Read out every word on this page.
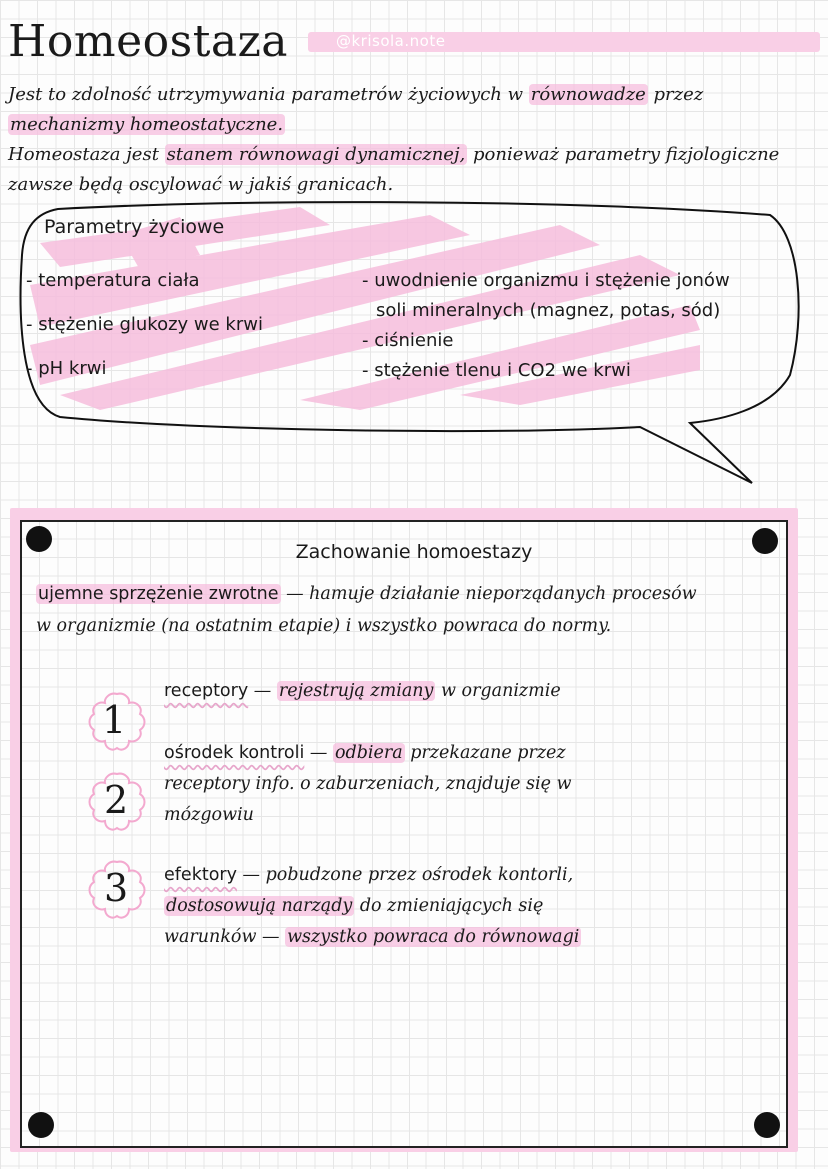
Homeostaza	@krisola.note

Jest to zdolność utrzymywania parametrów życiowych w równowadze przez

mechanizmy homeostatyczne.

Homeostaza jest stanem równowagi dynamicznej, ponieważ parametry fizjologiczne zawsze będą oscylować w jakiś granicach.

Parametry życiowe
- temperatura ciała
- stężenie glukozy we krwi
- pH krwi
- uwodnienie organizmu i stężenie jonów
soli mineralnych (magnez, potas, sód)
- ciśnienie
- stężenie tlenu i CO2 we krwi
Zachowanie homoestazy

ujemne sprzężenie zwrotne — hamuje działanie nieporządanych procesów

w organizmie (na ostatnim etapie) i wszystko powraca do normy.

1
2
3
receptory — rejestrują zmiany w organizmie
ośrodek kontroli — odbiera przekazane przez
receptory info. o zaburzeniach, znajduje się w
mózgowiu
efektory — pobudzone przez ośrodek kontorli,
dostosowują narządy do zmieniających się
warunków — wszystko powraca do równowagi
